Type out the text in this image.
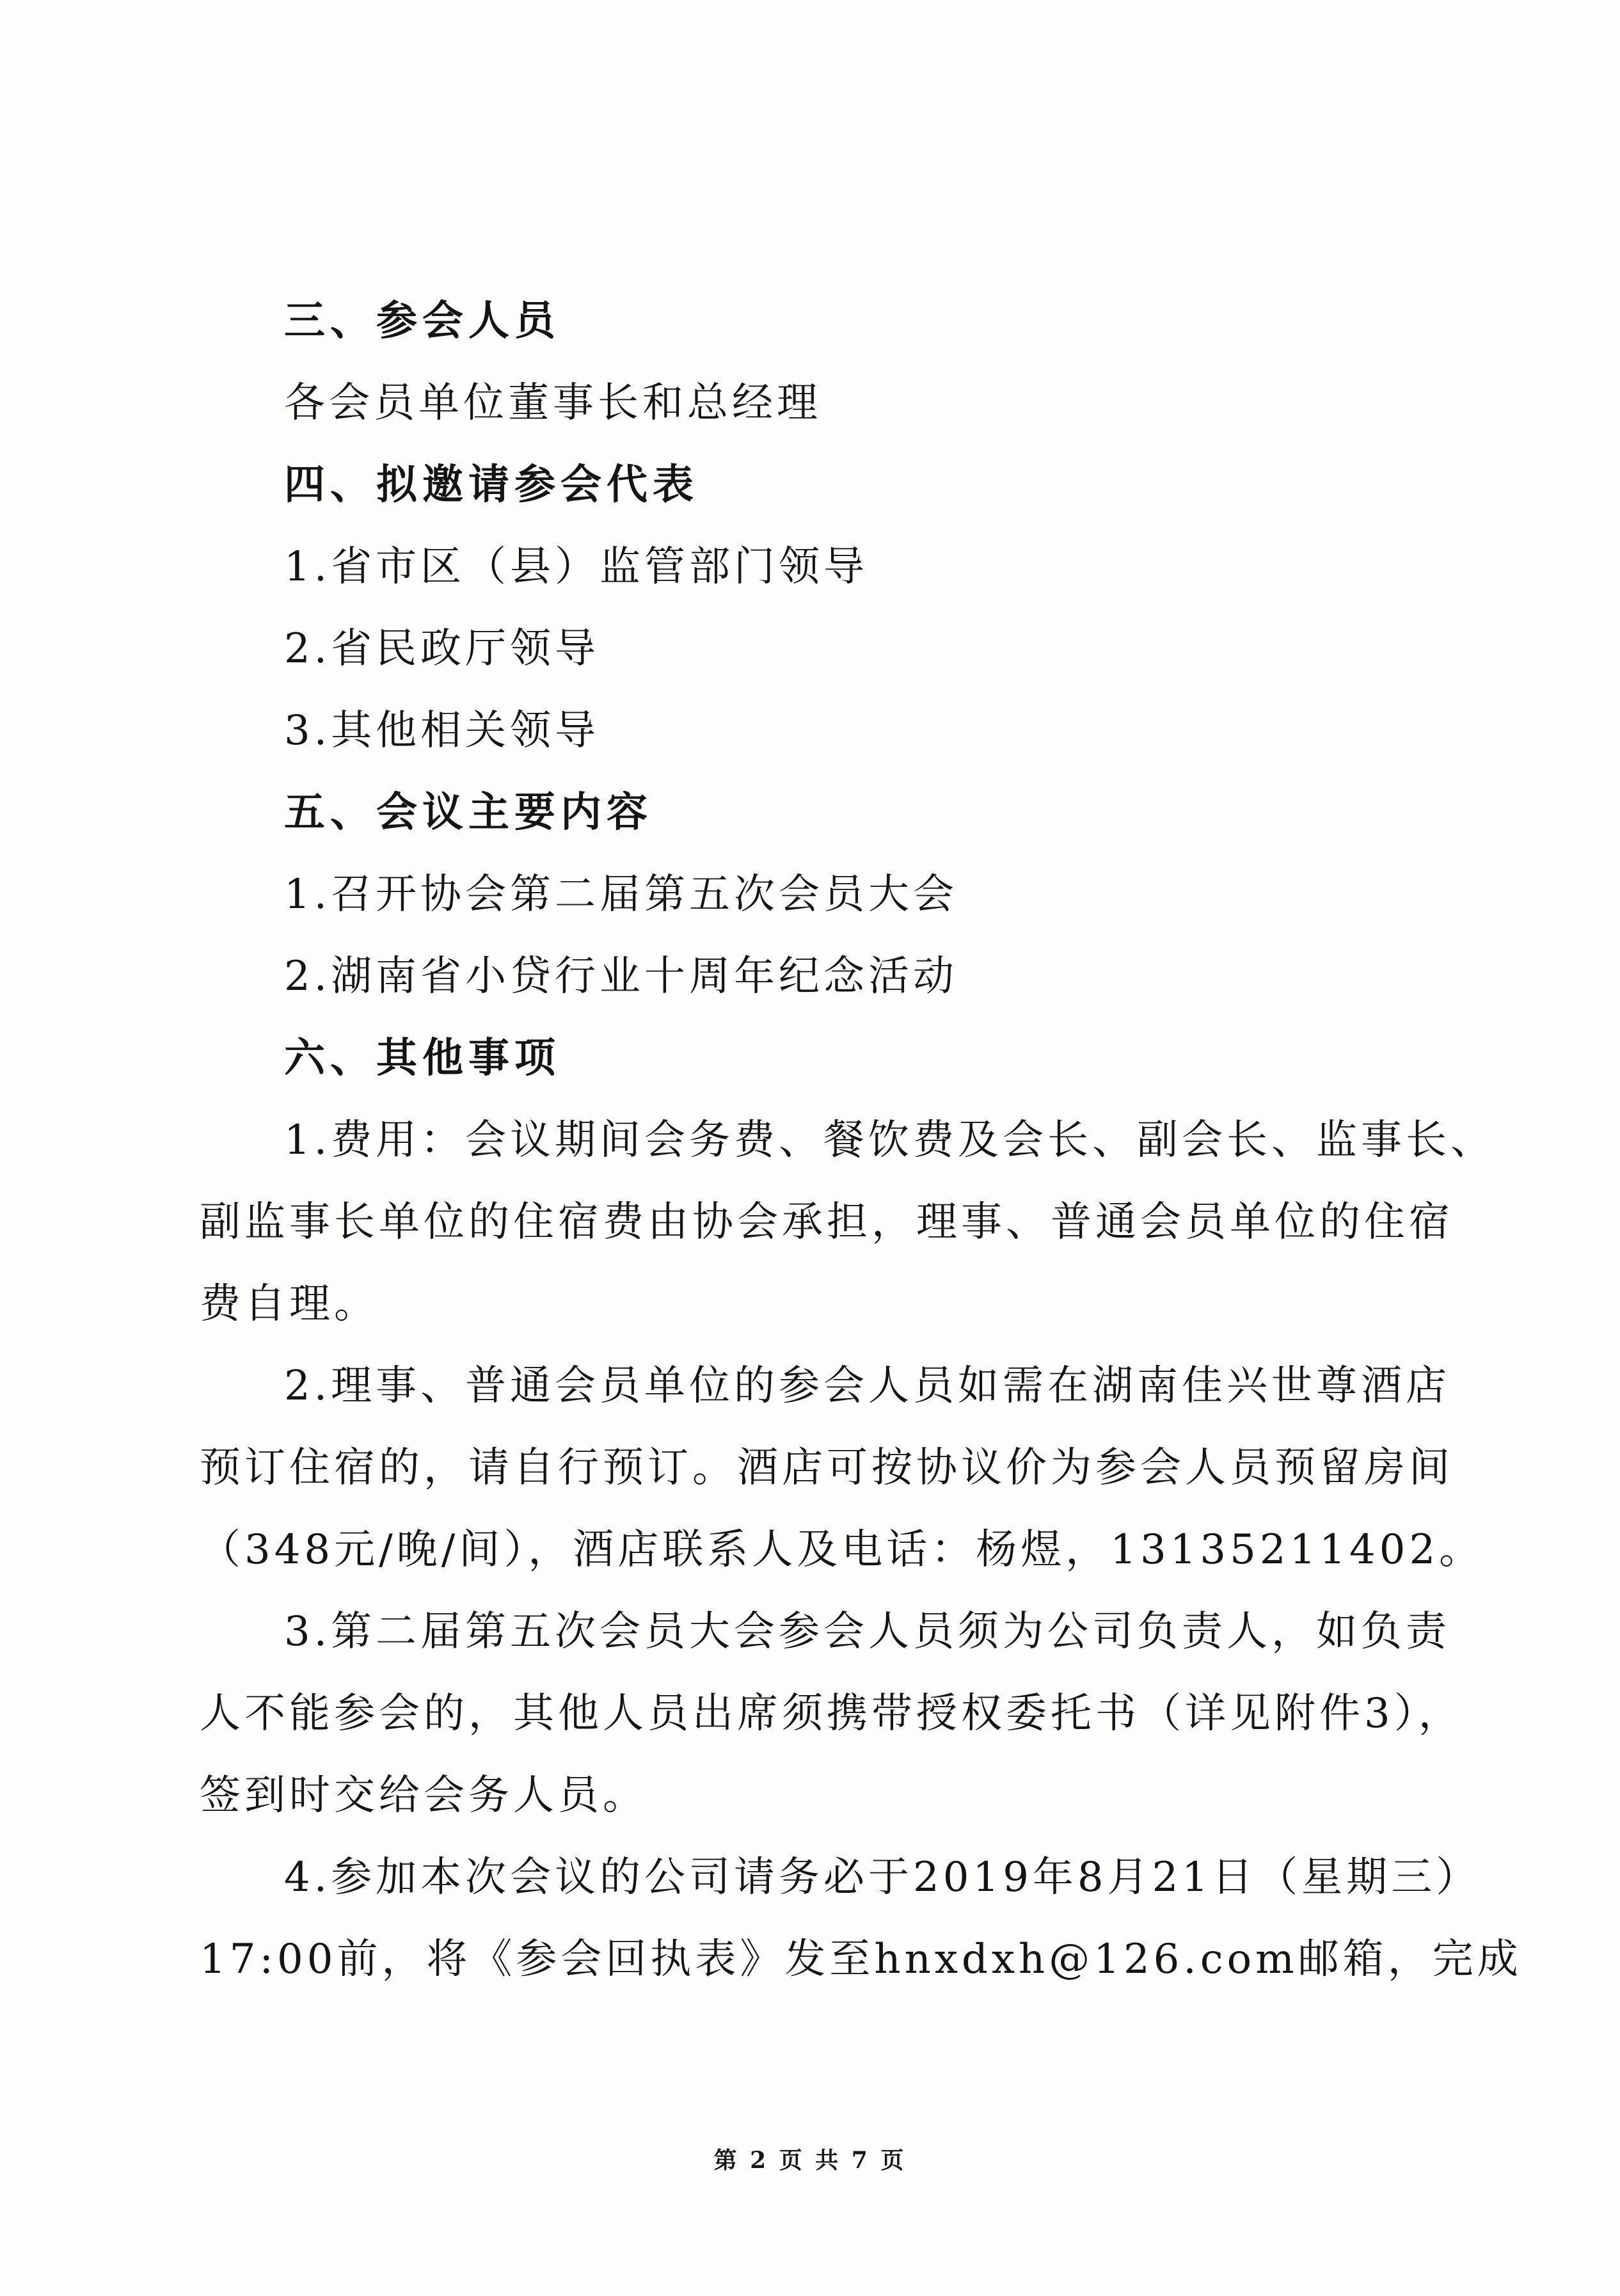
三、参会人员
各会员单位董事长和总经理
四、拟邀请参会代表
1.省市区（县）监管部门领导
2.省民政厅领导
3.其他相关领导
五、会议主要内容
1.召开协会第二届第五次会员大会
2.湖南省小贷行业十周年纪念活动
六、其他事项
1.费用：会议期间会务费、餐饮费及会长、副会长、监事长、
副监事长单位的住宿费由协会承担，理事、普通会员单位的住宿
费自理。
2.理事、普通会员单位的参会人员如需在湖南佳兴世尊酒店
预订住宿的，请自行预订。酒店可按协议价为参会人员预留房间
（348元/晚/间），酒店联系人及电话：杨煜，13135211402。
3.第二届第五次会员大会参会人员须为公司负责人，如负责
人不能参会的，其他人员出席须携带授权委托书（详见附件3），
签到时交给会务人员。
4.参加本次会议的公司请务必于2019年8月21日（星期三）
17:00前，将《参会回执表》发至hnxdxh@126.com邮箱，完成
第 2 页 共 7 页
